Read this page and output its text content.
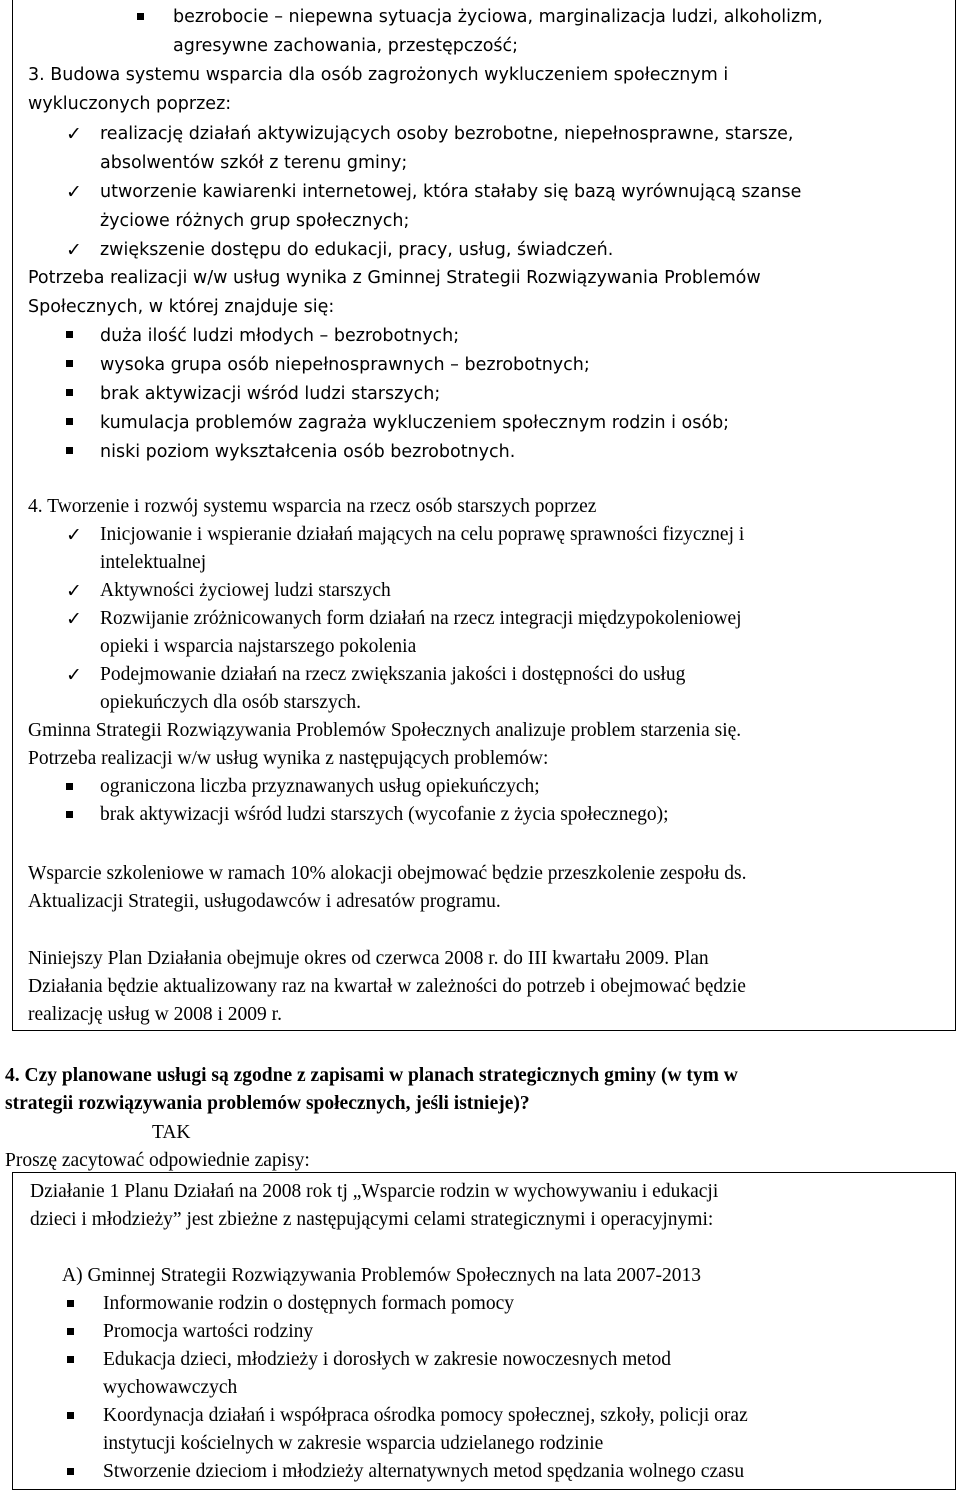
bezrobocie – niepewna sytuacja życiowa, marginalizacja ludzi, alkoholizm,
agresywne zachowania, przestępczość;
3. Budowa systemu wsparcia dla osób zagrożonych wykluczeniem społecznym i
wykluczonych poprzez:
✓ realizację działań aktywizujących osoby bezrobotne, niepełnosprawne, starsze,
absolwentów szkół z terenu gminy;
✓ utworzenie kawiarenki internetowej, która stałaby się bazą wyrównującą szanse
życiowe różnych grup społecznych;
✓ zwiększenie dostępu do edukacji, pracy, usług, świadczeń.
Potrzeba realizacji w/w usług wynika z Gminnej Strategii Rozwiązywania Problemów
Społecznych, w której znajduje się:
duża ilość ludzi młodych – bezrobotnych;
wysoka grupa osób niepełnosprawnych – bezrobotnych;
brak aktywizacji wśród ludzi starszych;
kumulacja problemów zagraża wykluczeniem społecznym rodzin i osób;
niski poziom wykształcenia osób bezrobotnych.
4. Tworzenie i rozwój systemu wsparcia na rzecz osób starszych poprzez
✓ Inicjowanie i wspieranie działań mających na celu poprawę sprawności fizycznej i
intelektualnej
✓ Aktywności życiowej ludzi starszych
✓ Rozwijanie zróżnicowanych form działań na rzecz integracji międzypokoleniowej
opieki i wsparcia najstarszego pokolenia
✓ Podejmowanie działań na rzecz zwiększania jakości i dostępności do usług
opiekuńczych dla osób starszych.
Gminna Strategii Rozwiązywania Problemów Społecznych analizuje problem starzenia się.
Potrzeba realizacji w/w usług wynika z następujących problemów:
ograniczona liczba przyznawanych usług opiekuńczych;
brak aktywizacji wśród ludzi starszych (wycofanie z życia społecznego);
Wsparcie szkoleniowe w ramach 10% alokacji obejmować będzie przeszkolenie zespołu ds.
Aktualizacji Strategii, usługodawców i adresatów programu.
Niniejszy Plan Działania obejmuje okres od czerwca 2008 r. do III kwartału 2009. Plan
Działania będzie aktualizowany raz na kwartał w zależności do potrzeb i obejmować będzie
realizację usług w 2008 i 2009 r.
4. Czy planowane usługi są zgodne z zapisami w planach strategicznych gminy (w tym w
strategii rozwiązywania problemów społecznych, jeśli istnieje)?
TAK
Proszę zacytować odpowiednie zapisy:
Działanie 1 Planu Działań na 2008 rok tj „Wsparcie rodzin w wychowywaniu i edukacji
dzieci i młodzieży” jest zbieżne z następującymi celami strategicznymi i operacyjnymi:
A) Gminnej Strategii Rozwiązywania Problemów Społecznych na lata 2007-2013
Informowanie rodzin o dostępnych formach pomocy
Promocja wartości rodziny
Edukacja dzieci, młodzieży i dorosłych w zakresie nowoczesnych metod
wychowawczych
Koordynacja działań i współpraca ośrodka pomocy społecznej, szkoły, policji oraz
instytucji kościelnych w zakresie wsparcia udzielanego rodzinie
Stworzenie dzieciom i młodzieży alternatywnych metod spędzania wolnego czasu
